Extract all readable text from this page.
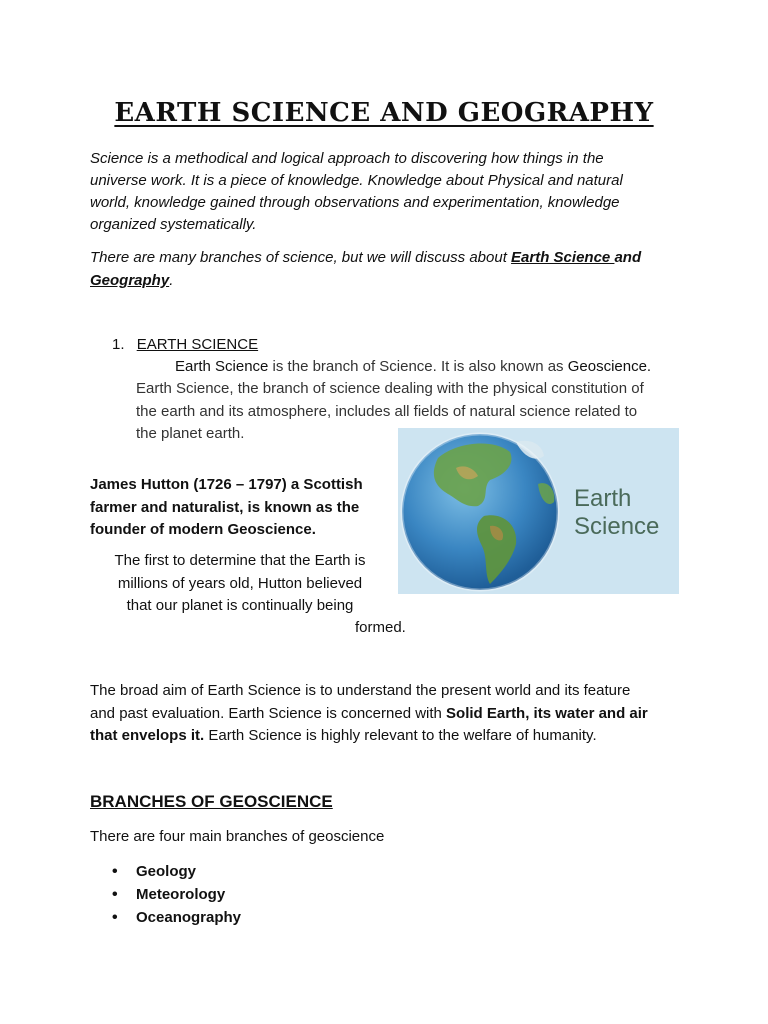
EARTH SCIENCE AND GEOGRAPHY
Science is a methodical and logical approach to discovering how things in the
universe work. It is a piece of knowledge. Knowledge about Physical and natural
world, knowledge gained through observations and experimentation, knowledge
organized systematically.
There are many branches of science, but we will discuss about Earth Science and
Geography.
1. EARTH SCIENCE
Earth Science is the branch of Science. It is also known as Geoscience.
Earth Science, the branch of science dealing with the physical constitution of
the earth and its atmosphere, includes all fields of natural science related to
the planet earth.
James Hutton (1726 – 1797) a Scottish
farmer and naturalist, is known as the
founder of modern Geoscience.
The first to determine that the Earth is
millions of years old, Hutton believed
that our planet is continually being
formed.
Earth
Science
The broad aim of Earth Science is to understand the present world and its feature
and past evaluation. Earth Science is concerned with Solid Earth, its water and air
that envelops it. Earth Science is highly relevant to the welfare of humanity.
BRANCHES OF GEOSCIENCE
There are four main branches of geoscience
• Geology
• Meteorology
• Oceanography
